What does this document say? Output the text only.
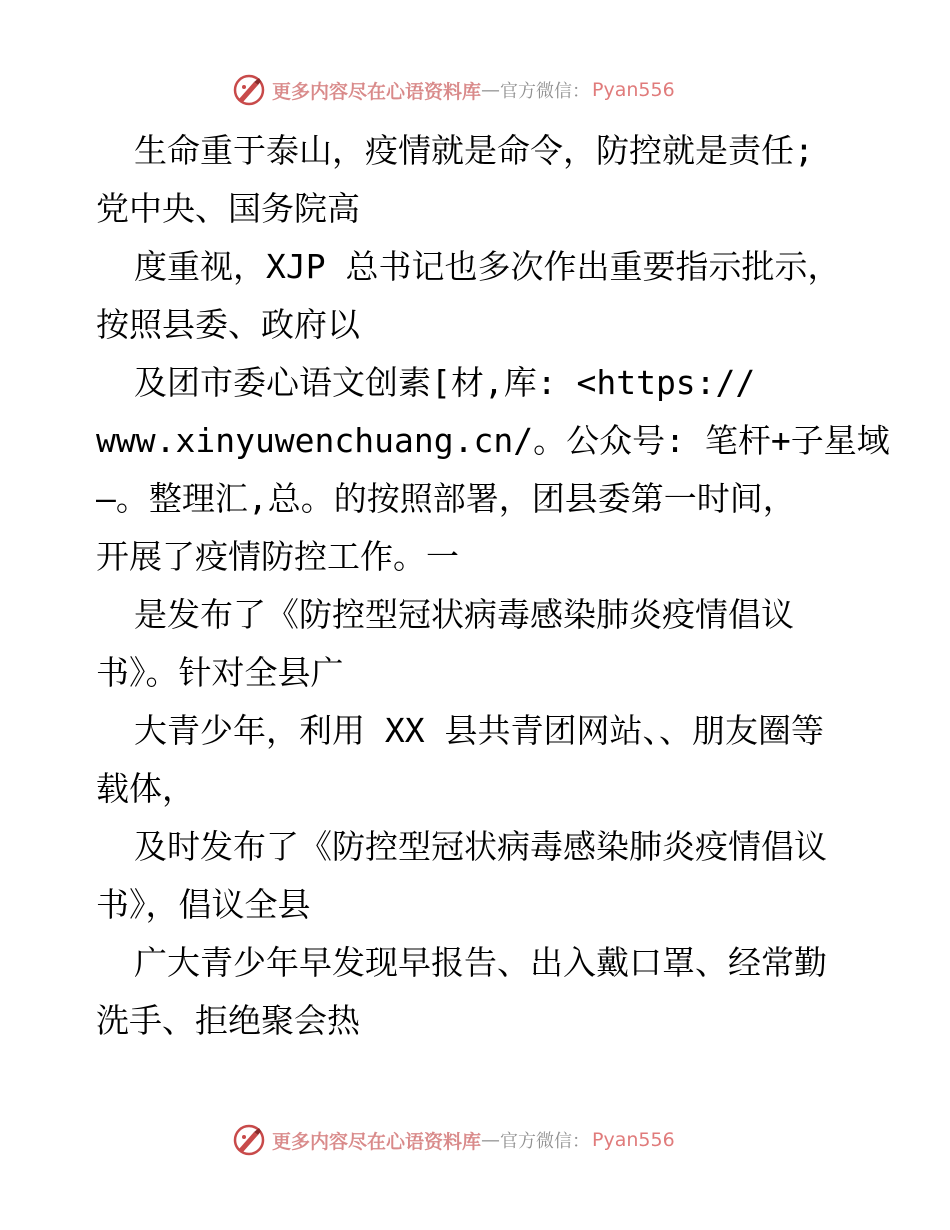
更多内容尽在心语资料库 — 官方微信： Pyan556
生命重于泰山，疫情就是命令，防控就是责任;
党中央、国务院高
度重视，XJP 总书记也多次作出重要指示批示，
按照县委、政府以
及团市委心语文创素[材,库: <https://
www.xinyuwenchuang.cn/。公众号: 笔杆+子星域
—。整理汇,总。的按照部署，团县委第一时间，
开展了疫情防控工作。一
是发布了《防控型冠状病毒感染肺炎疫情倡议
书》。针对全县广
大青少年，利用 XX 县共青团网站、、朋友圈等
载体，
及时发布了《防控型冠状病毒感染肺炎疫情倡议
书》，倡议全县
广大青少年早发现早报告、出入戴口罩、经常勤
洗手、拒绝聚会热
更多内容尽在心语资料库 — 官方微信： Pyan556
